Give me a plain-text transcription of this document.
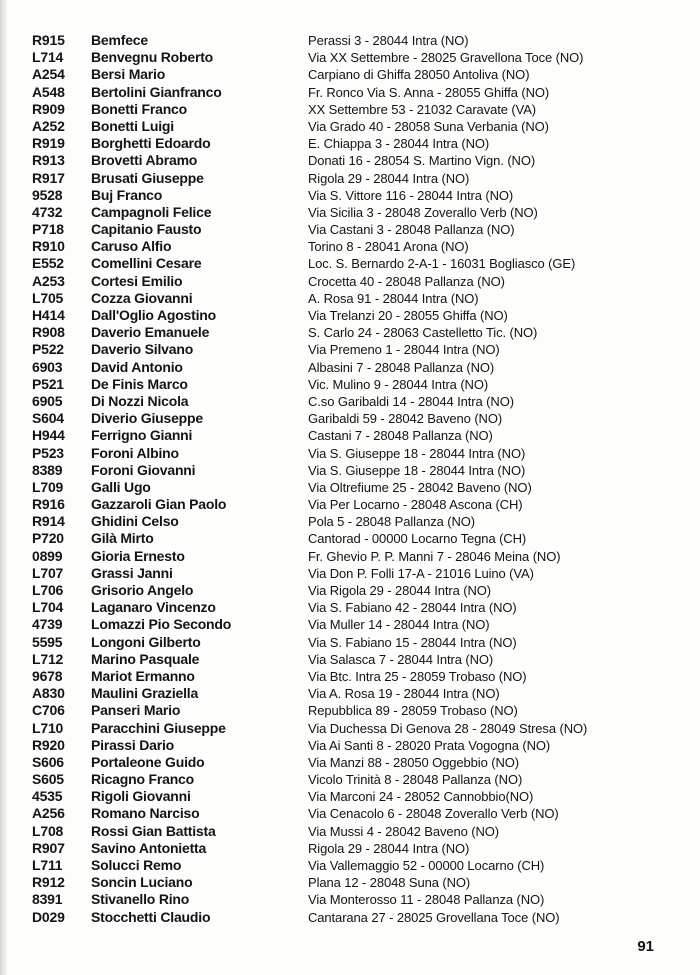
R915	Bemfece	Perassi 3 - 28044 Intra (NO)
L714	Benvegnu Roberto	Via XX Settembre - 28025 Gravellona Toce (NO)
A254	Bersi Mario	Carpiano di Ghiffa 28050 Antoliva (NO)
A548	Bertolini Gianfranco	Fr. Ronco Via S. Anna - 28055 Ghiffa (NO)
R909	Bonetti Franco	XX Settembre 53 - 21032 Caravate (VA)
A252	Bonetti Luigi	Via Grado 40 - 28058 Suna Verbania (NO)
R919	Borghetti Edoardo	E. Chiappa 3 - 28044 Intra (NO)
R913	Brovetti Abramo	Donati 16 - 28054 S. Martino Vign. (NO)
R917	Brusati Giuseppe	Rigola 29 - 28044 Intra (NO)
9528	Buj Franco	Via S. Vittore 116 - 28044 Intra (NO)
4732	Campagnoli Felice	Via Sicilia 3 - 28048 Zoverallo Verb (NO)
P718	Capitanio Fausto	Via Castani 3 - 28048 Pallanza (NO)
R910	Caruso Alfio	Torino 8 - 28041 Arona (NO)
E552	Comellini Cesare	Loc. S. Bernardo 2-A-1 - 16031 Bogliasco (GE)
A253	Cortesi Emilio	Crocetta 40 - 28048 Pallanza (NO)
L705	Cozza Giovanni	A. Rosa 91 - 28044 Intra (NO)
H414	Dall'Oglio Agostino	Via Trelanzi 20 - 28055 Ghiffa (NO)
R908	Daverio Emanuele	S. Carlo 24 - 28063 Castelletto Tic. (NO)
P522	Daverio Silvano	Via Premeno 1 - 28044 Intra (NO)
6903	David Antonio	Albasini 7 - 28048 Pallanza (NO)
P521	De Finis Marco	Vic. Mulino 9 - 28044 Intra (NO)
6905	Di Nozzi Nicola	C.so Garibaldi 14 - 28044 Intra (NO)
S604	Diverio Giuseppe	Garibaldi 59 - 28042 Baveno (NO)
H944	Ferrigno Gianni	Castani 7 - 28048 Pallanza (NO)
P523	Foroni Albino	Via S. Giuseppe 18 - 28044 Intra (NO)
8389	Foroni Giovanni	Via S. Giuseppe 18 - 28044 Intra (NO)
L709	Galli Ugo	Via Oltrefiume 25 - 28042 Baveno (NO)
R916	Gazzaroli Gian Paolo	Via Per Locarno - 28048 Ascona (CH)
R914	Ghidini Celso	Pola 5 - 28048 Pallanza (NO)
P720	Gilà Mirto	Cantorad - 00000 Locarno Tegna (CH)
0899	Gioria Ernesto	Fr. Ghevio P. P. Manni 7 - 28046 Meina (NO)
L707	Grassi Janni	Via Don P. Folli 17-A - 21016 Luino (VA)
L706	Grisorio Angelo	Via Rigola 29 - 28044 Intra (NO)
L704	Laganaro Vincenzo	Via S. Fabiano 42 - 28044 Intra (NO)
4739	Lomazzi Pio Secondo	Via Muller 14 - 28044 Intra (NO)
5595	Longoni Gilberto	Via S. Fabiano 15 - 28044 Intra (NO)
L712	Marino Pasquale	Via Salasca 7 - 28044 Intra (NO)
9678	Mariot Ermanno	Via Btc. Intra 25 - 28059 Trobaso (NO)
A830	Maulini Graziella	Via A. Rosa 19 - 28044 Intra (NO)
C706	Panseri Mario	Repubblica 89 - 28059 Trobaso (NO)
L710	Paracchini Giuseppe	Via Duchessa Di Genova 28 - 28049 Stresa (NO)
R920	Pirassi Dario	Via Ai Santi 8 - 28020 Prata Vogogna (NO)
S606	Portaleone Guido	Via Manzi 88 - 28050 Oggebbio (NO)
S605	Ricagno Franco	Vicolo Trinità 8 - 28048 Pallanza (NO)
4535	Rigoli Giovanni	Via Marconi 24 - 28052 Cannobbio(NO)
A256	Romano Narciso	Via Cenacolo 6 - 28048 Zoverallo Verb (NO)
L708	Rossi Gian Battista	Via Mussi 4 - 28042 Baveno (NO)
R907	Savino Antonietta	Rigola 29 - 28044 Intra (NO)
L711	Solucci Remo	Via Vallemaggio 52 - 00000 Locarno (CH)
R912	Soncin Luciano	Plana 12 - 28048 Suna (NO)
8391	Stivanello Rino	Via Monterosso 11 - 28048 Pallanza (NO)
D029	Stocchetti Claudio	Cantarana 27 - 28025 Grovellana Toce (NO)
91
